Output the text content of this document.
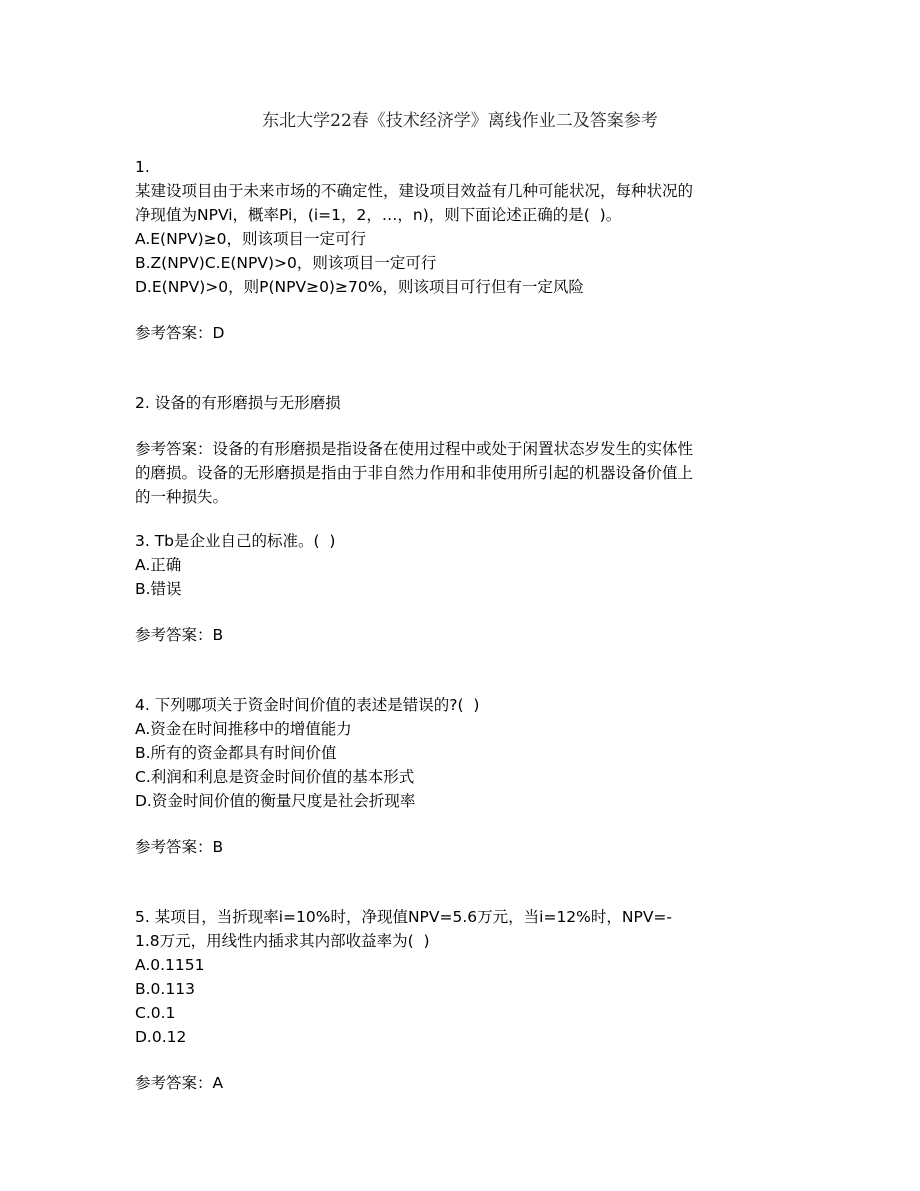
东北大学22春《技术经济学》离线作业二及答案参考
1.
某建设项目由于未来市场的不确定性，建设项目效益有几种可能状况，每种状况的
净现值为NPVi，概率Pi，(i=1，2，…，n)，则下面论述正确的是(  )。
A.E(NPV)≥0，则该项目一定可行
B.Z(NPV)C.E(NPV)>0，则该项目一定可行
D.E(NPV)>0，则P(NPV≥0)≥70%，则该项目可行但有一定风险
参考答案：D
2. 设备的有形磨损与无形磨损
参考答案：设备的有形磨损是指设备在使用过程中或处于闲置状态岁发生的实体性
的磨损。设备的无形磨损是指由于非自然力作用和非使用所引起的机器设备价值上
的一种损失。
3. Tb是企业自己的标准。(  )
A.正确
B.错误
参考答案：B
4. 下列哪项关于资金时间价值的表述是错误的?(  )
A.资金在时间推移中的增值能力
B.所有的资金都具有时间价值
C.利润和利息是资金时间价值的基本形式
D.资金时间价值的衡量尺度是社会折现率
参考答案：B
5. 某项目，当折现率i=10%时，净现值NPV=5.6万元，当i=12%时，NPV=-
1.8万元，用线性内插求其内部收益率为(  )
A.0.1151
B.0.113
C.0.1
D.0.12
参考答案：A
